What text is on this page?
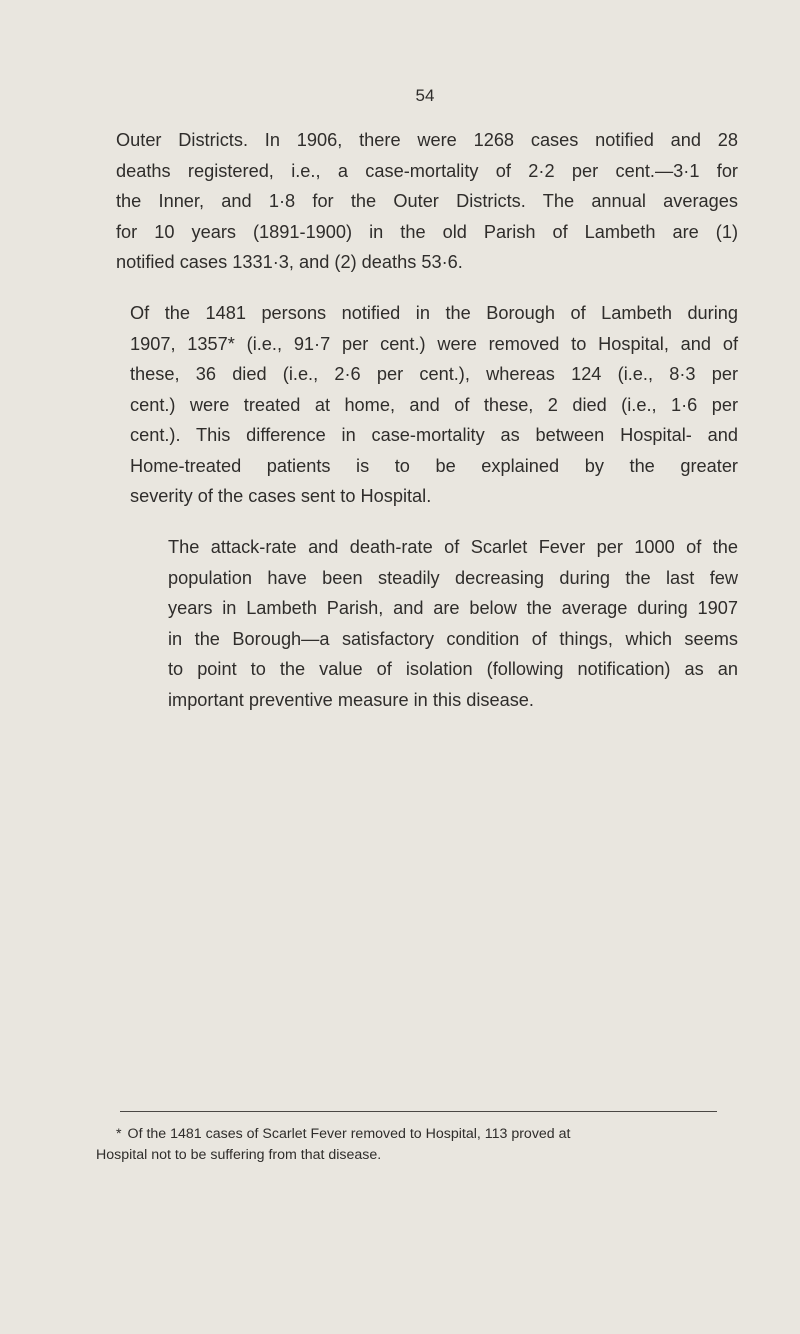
54

Outer Districts. In 1906, there were 1268 cases notified and 28
deaths registered, i.e., a case-mortality of 2·2 per cent.—3·1 for
the Inner, and 1·8 for the Outer Districts. The annual averages
for 10 years (1891-1900) in the old Parish of Lambeth are (1)
notified cases 1331·3, and (2) deaths 53·6.

Of the 1481 persons notified in the Borough of Lambeth during
1907, 1357* (i.e., 91·7 per cent.) were removed to Hospital, and of
these, 36 died (i.e., 2·6 per cent.), whereas 124 (i.e., 8·3 per
cent.) were treated at home, and of these, 2 died (i.e., 1·6 per
cent.). This difference in case-mortality as between Hospital- and
Home-treated patients is to be explained by the greater
severity of the cases sent to Hospital.

The attack-rate and death-rate of Scarlet Fever per 1000 of the
population have been steadily decreasing during the last few
years in Lambeth Parish, and are below the average during 1907
in the Borough—a satisfactory condition of things, which seems
to point to the value of isolation (following notification) as an
important preventive measure in this disease.

* Of the 1481 cases of Scarlet Fever removed to Hospital, 113 proved at
Hospital not to be suffering from that disease.
